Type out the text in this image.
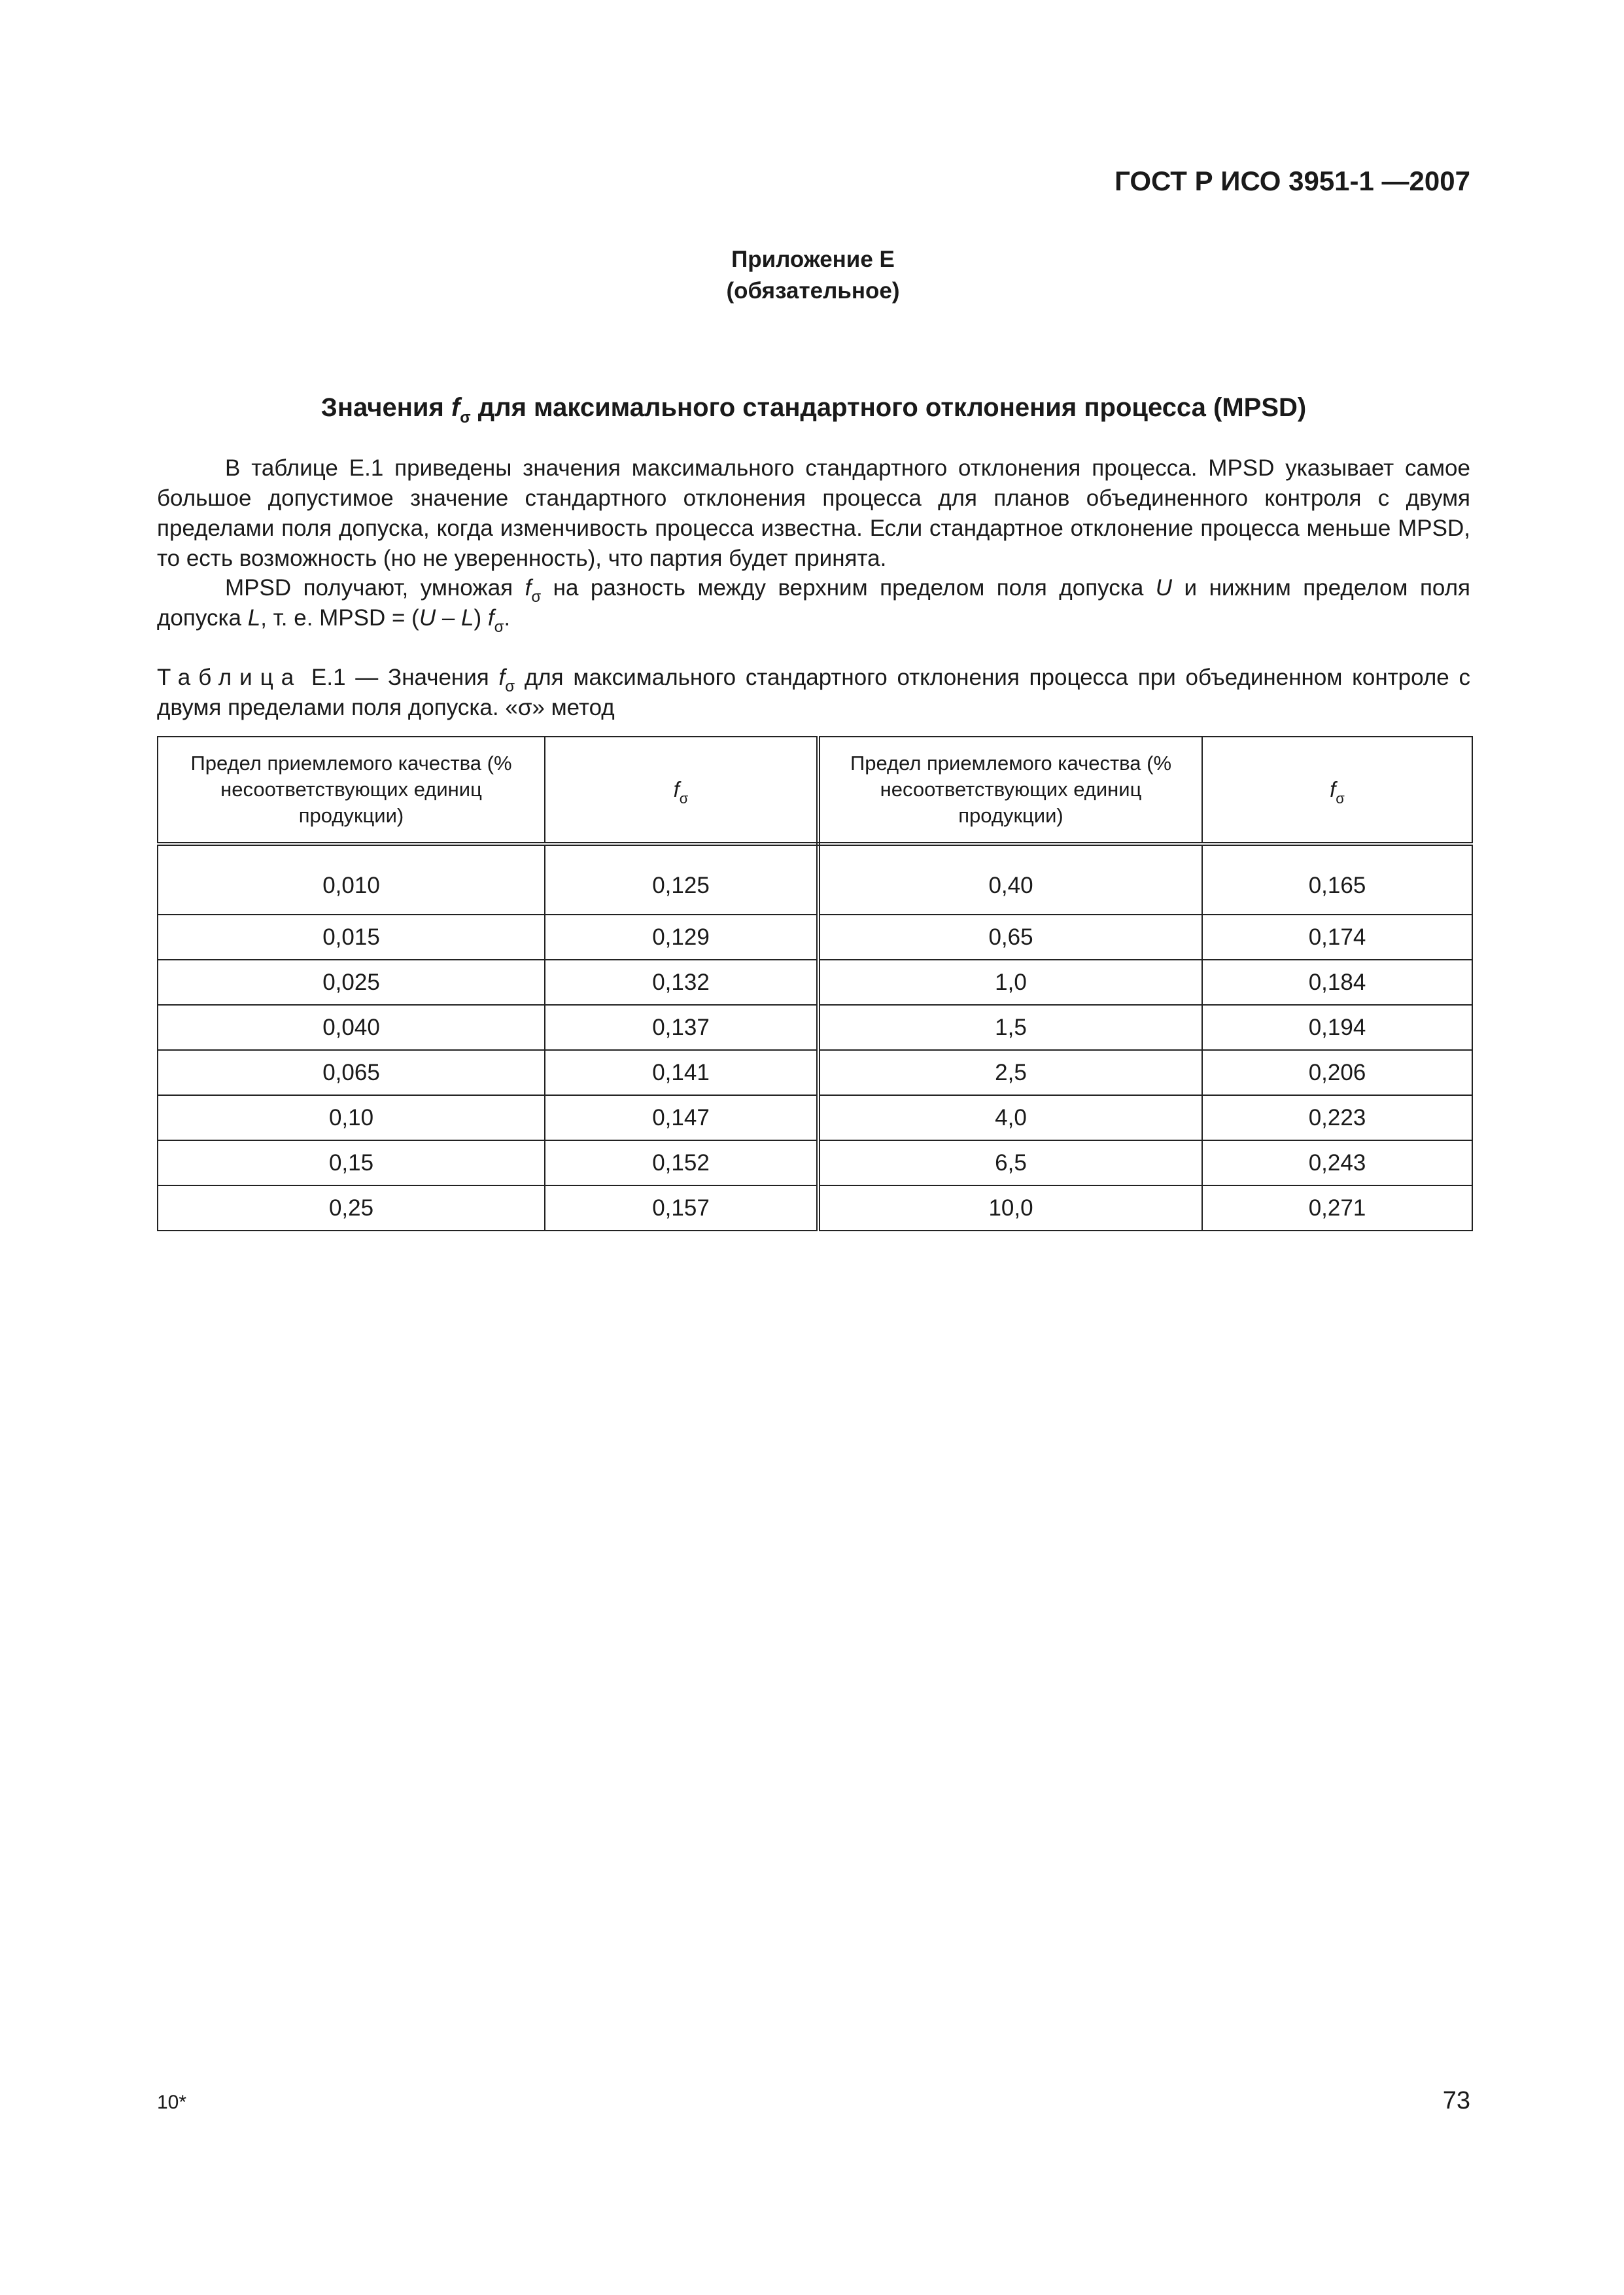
ГОСТ Р ИСО 3951-1 —2007
Приложение Е
(обязательное)
Значения $f_\sigma$ для максимального стандартного отклонения процесса (MPSD)

В таблице Е.1 приведены значения максимального стандартного отклонения процесса. MPSD указывает самое большое допустимое значение стандартного отклонения процесса для планов объединенного контроля с двумя пределами поля допуска, когда изменчивость процесса известна. Если стандартное отклонение процесса меньше MPSD, то есть возможность (но не уверенность), что партия будет принята.

MPSD получают, умножая $f_\sigma$ на разность между верхним пределом поля допуска U и нижним пределом поля допуска L, т. е. MPSD = (U – L) $f_\sigma$.

Таблица Е.1 — Значения $f_\sigma$ для максимального стандартного отклонения процесса при объединенном контроле с двумя пределами поля допуска. «σ» метод
Предел приемлемого качества (% несоответствующих единиц продукции)	$f_\sigma$	Предел приемлемого качества (% несоответствующих единиц продукции)	$f_\sigma$
0,010	0,125	0,40	0,165
0,015	0,129	0,65	0,174
0,025	0,132	1,0	0,184
0,040	0,137	1,5	0,194
0,065	0,141	2,5	0,206
0,10	0,147	4,0	0,223
0,15	0,152	6,5	0,243
0,25	0,157	10,0	0,271
10*	73
